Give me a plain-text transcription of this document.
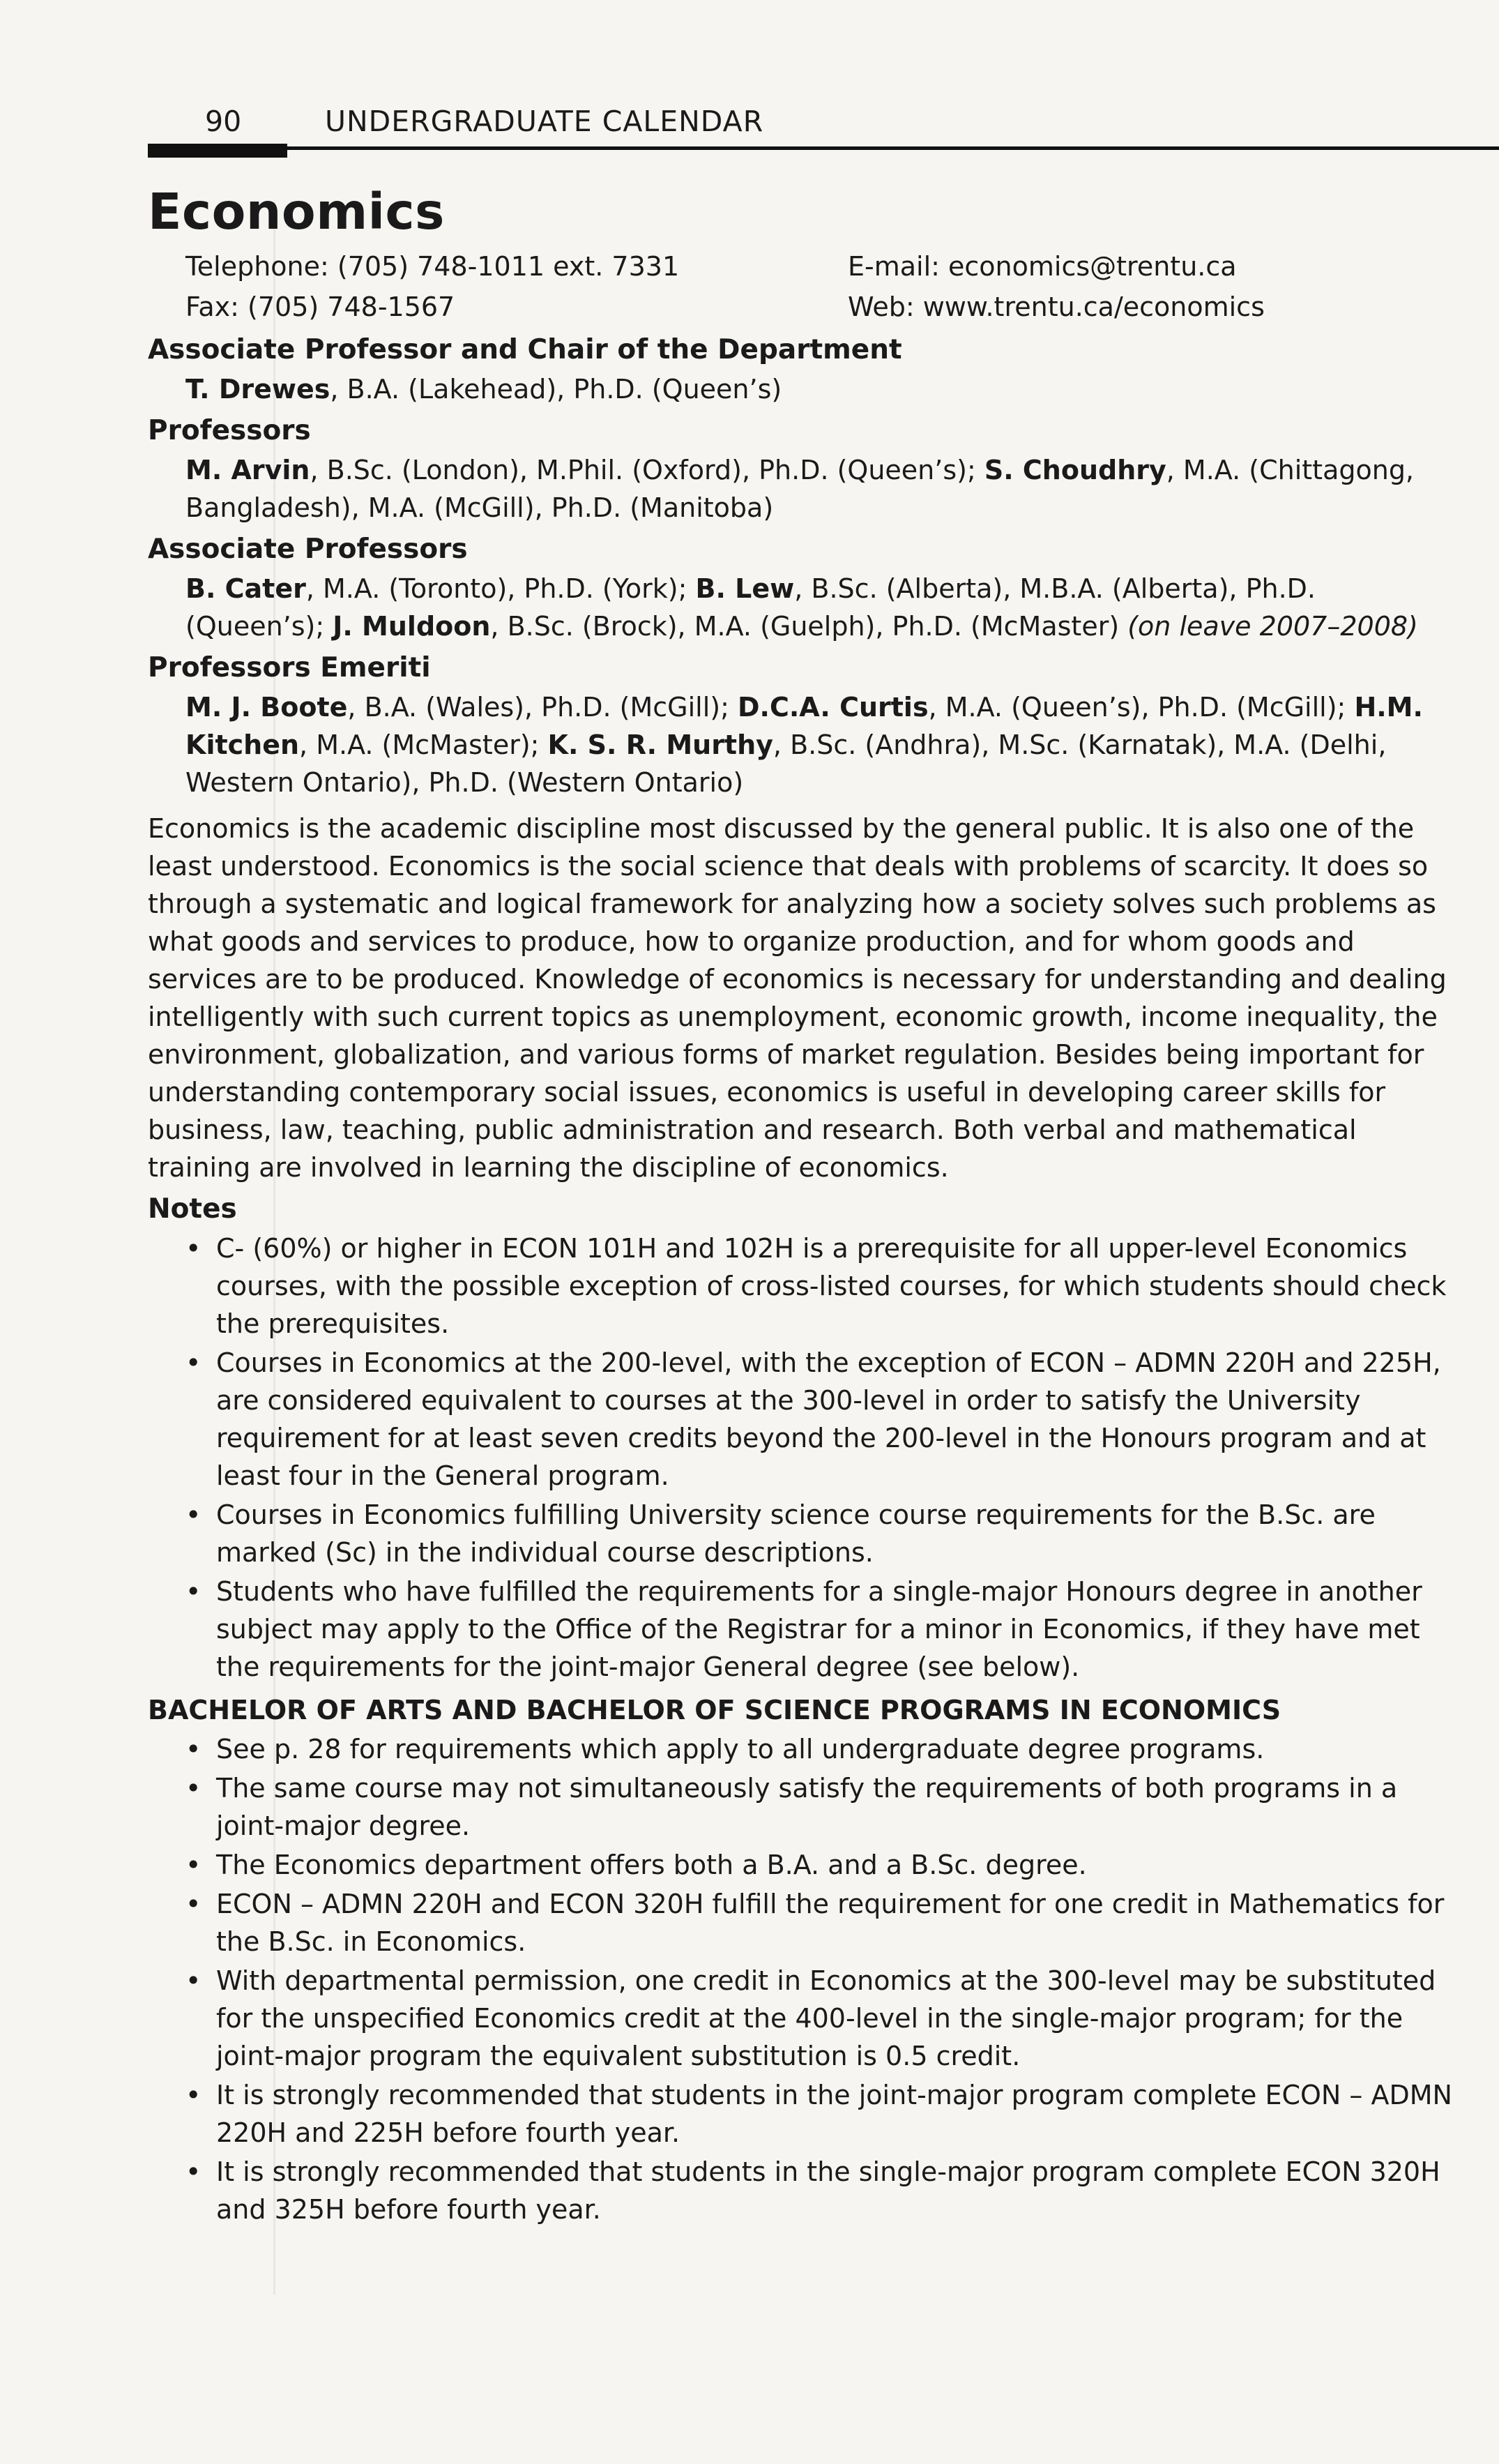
90	UNDERGRADUATE CALENDAR
Economics
Telephone: (705) 748-1011 ext. 7331	E-mail: economics@trentu.ca
Fax: (705) 748-1567	Web: www.trentu.ca/economics
Associate Professor and Chair of the Department
T. Drewes, B.A. (Lakehead), Ph.D. (Queen’s)
Professors
M. Arvin, B.Sc. (London), M.Phil. (Oxford), Ph.D. (Queen’s); S. Choudhry, M.A. (Chittagong, Bangladesh), M.A. (McGill), Ph.D. (Manitoba)
Associate Professors
B. Cater, M.A. (Toronto), Ph.D. (York); B. Lew, B.Sc. (Alberta), M.B.A. (Alberta), Ph.D. (Queen’s); J. Muldoon, B.Sc. (Brock), M.A. (Guelph), Ph.D. (McMaster) (on leave 2007–2008)
Professors Emeriti
M. J. Boote, B.A. (Wales), Ph.D. (McGill); D.C.A. Curtis, M.A. (Queen’s), Ph.D. (McGill); H.M. Kitchen, M.A. (McMaster); K. S. R. Murthy, B.Sc. (Andhra), M.Sc. (Karnatak), M.A. (Delhi, Western Ontario), Ph.D. (Western Ontario)
Economics is the academic discipline most discussed by the general public. It is also one of the least understood. Economics is the social science that deals with problems of scarcity. It does so through a systematic and logical framework for analyzing how a society solves such problems as what goods and services to produce, how to organize production, and for whom goods and services are to be produced. Knowledge of economics is necessary for understanding and dealing intelligently with such current topics as unemployment, economic growth, income inequality, the environment, globalization, and various forms of market regulation. Besides being important for understanding contemporary social issues, economics is useful in developing career skills for business, law, teaching, public administration and research. Both verbal and mathematical training are involved in learning the discipline of economics.
Notes
• C- (60%) or higher in ECON 101H and 102H is a prerequisite for all upper-level Economics courses, with the possible exception of cross-listed courses, for which students should check the prerequisites.
• Courses in Economics at the 200-level, with the exception of ECON – ADMN 220H and 225H, are considered equivalent to courses at the 300-level in order to satisfy the University requirement for at least seven credits beyond the 200-level in the Honours program and at least four in the General program.
• Courses in Economics fulfilling University science course requirements for the B.Sc. are marked (Sc) in the individual course descriptions.
• Students who have fulfilled the requirements for a single-major Honours degree in another subject may apply to the Office of the Registrar for a minor in Economics, if they have met the requirements for the joint-major General degree (see below).
BACHELOR OF ARTS AND BACHELOR OF SCIENCE PROGRAMS IN ECONOMICS
• See p. 28 for requirements which apply to all undergraduate degree programs.
• The same course may not simultaneously satisfy the requirements of both programs in a joint-major degree.
• The Economics department offers both a B.A. and a B.Sc. degree.
• ECON – ADMN 220H and ECON 320H fulfill the requirement for one credit in Mathematics for the B.Sc. in Economics.
• With departmental permission, one credit in Economics at the 300-level may be substituted for the unspecified Economics credit at the 400-level in the single-major program; for the joint-major program the equivalent substitution is 0.5 credit.
• It is strongly recommended that students in the joint-major program complete ECON – ADMN 220H and 225H before fourth year.
• It is strongly recommended that students in the single-major program complete ECON 320H and 325H before fourth year.
